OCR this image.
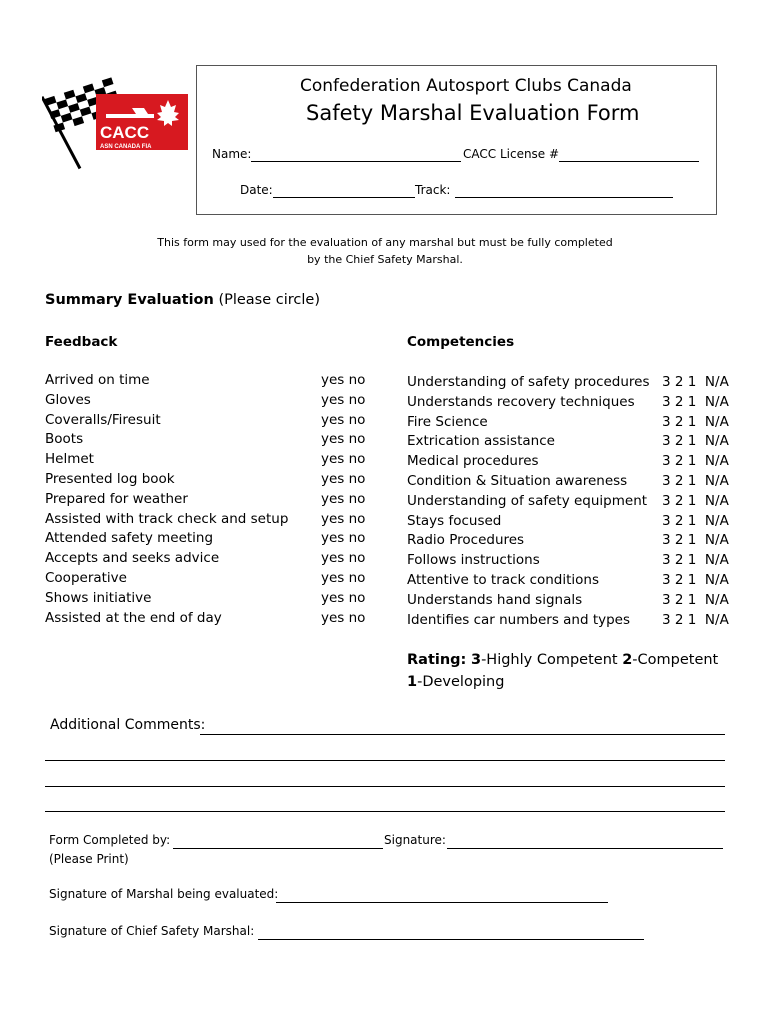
CACC
ASN CANADA FIA
Confederation Autosport Clubs Canada
Safety Marshal Evaluation Form
Name:	CACC License #
Date:	Track:
This form may used for the evaluation of any marshal but must be fully completed
by the Chief Safety Marshal.
Summary Evaluation (Please circle)
Feedback	Competencies
Arrived on time	yes no
Gloves	yes no
Coveralls/Firesuit	yes no
Boots	yes no
Helmet	yes no
Presented log book	yes no
Prepared for weather	yes no
Assisted with track check and setup yes no
Attended safety meeting	yes no
Accepts and seeks advice	yes no
Cooperative	yes no
Shows initiative	yes no
Assisted at the end of day	yes no
Understanding of safety procedures 3 2 1  N/A
Understands recovery techniques 3 2 1  N/A
Fire Science	3 2 1  N/A
Extrication assistance	3 2 1  N/A
Medical procedures	3 2 1  N/A
Condition & Situation awareness	3 2 1  N/A
Understanding of safety equipment 3 2 1  N/A
Stays focused	3 2 1  N/A
Radio Procedures	3 2 1  N/A
Follows instructions	3 2 1  N/A
Attentive to track conditions	3 2 1  N/A
Understands hand signals	3 2 1  N/A
Identifies car numbers and types 3 2 1  N/A
Rating: 3-Highly Competent 2-Competent
1-Developing
Additional Comments:
Form Completed by:	Signature:
(Please Print)
Signature of Marshal being evaluated:
Signature of Chief Safety Marshal:
